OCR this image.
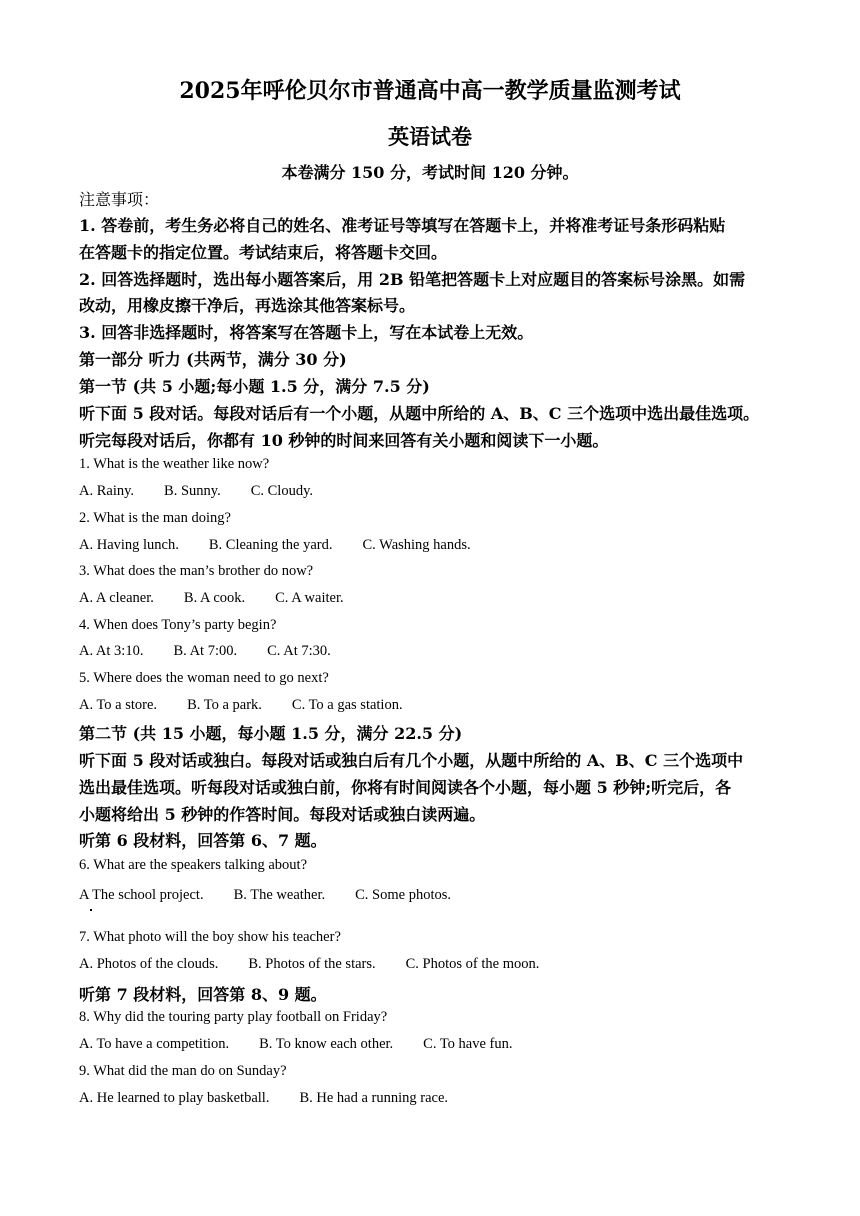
2025年呼伦贝尔市普通高中高一教学质量监测考试
英语试卷
本卷满分 150 分，考试时间 120 分钟。
注意事项：
1. 答卷前，考生务必将自己的姓名、准考证号等填写在答题卡上，并将准考证号条形码粘贴
在答题卡的指定位置。考试结束后，将答题卡交回。
2. 回答选择题时，选出每小题答案后，用 2B 铅笔把答题卡上对应题目的答案标号涂黑。如需
改动，用橡皮擦干净后，再选涂其他答案标号。
3. 回答非选择题时，将答案写在答题卡上，写在本试卷上无效。
第一部分 听力 (共两节，满分 30 分)
第一节 (共 5 小题;每小题 1.5 分，满分 7.5 分)
听下面 5 段对话。每段对话后有一个小题，从题中所给的 A、B、C 三个选项中选出最佳选项。
听完每段对话后，你都有 10 秒钟的时间来回答有关小题和阅读下一小题。
1. What is the weather like now?
A. Rainy. B. Sunny. C. Cloudy.
2. What is the man doing?
A. Having lunch. B. Cleaning the yard. C. Washing hands.
3. What does the man’s brother do now?
A. A cleaner. B. A cook. C. A waiter.
4. When does Tony’s party begin?
A. At 3:10. B. At 7:00. C. At 7:30.
5. Where does the woman need to go next?
A. To a store. B. To a park. C. To a gas station.
第二节 (共 15 小题，每小题 1.5 分，满分 22.5 分)
听下面 5 段对话或独白。每段对话或独白后有几个小题，从题中所给的 A、B、C 三个选项中
选出最佳选项。听每段对话或独白前，你将有时间阅读各个小题，每小题 5 秒钟;听完后，各
小题将给出 5 秒钟的作答时间。每段对话或独白读两遍。
听第 6 段材料，回答第 6、7 题。
6. What are the speakers talking about?
A The school project. B. The weather. C. Some photos.
7. What photo will the boy show his teacher?
A. Photos of the clouds. B. Photos of the stars. C. Photos of the moon.
听第 7 段材料，回答第 8、9 题。
8. Why did the touring party play football on Friday?
A. To have a competition. B. To know each other. C. To have fun.
9. What did the man do on Sunday?
A. He learned to play basketball. B. He had a running race.
